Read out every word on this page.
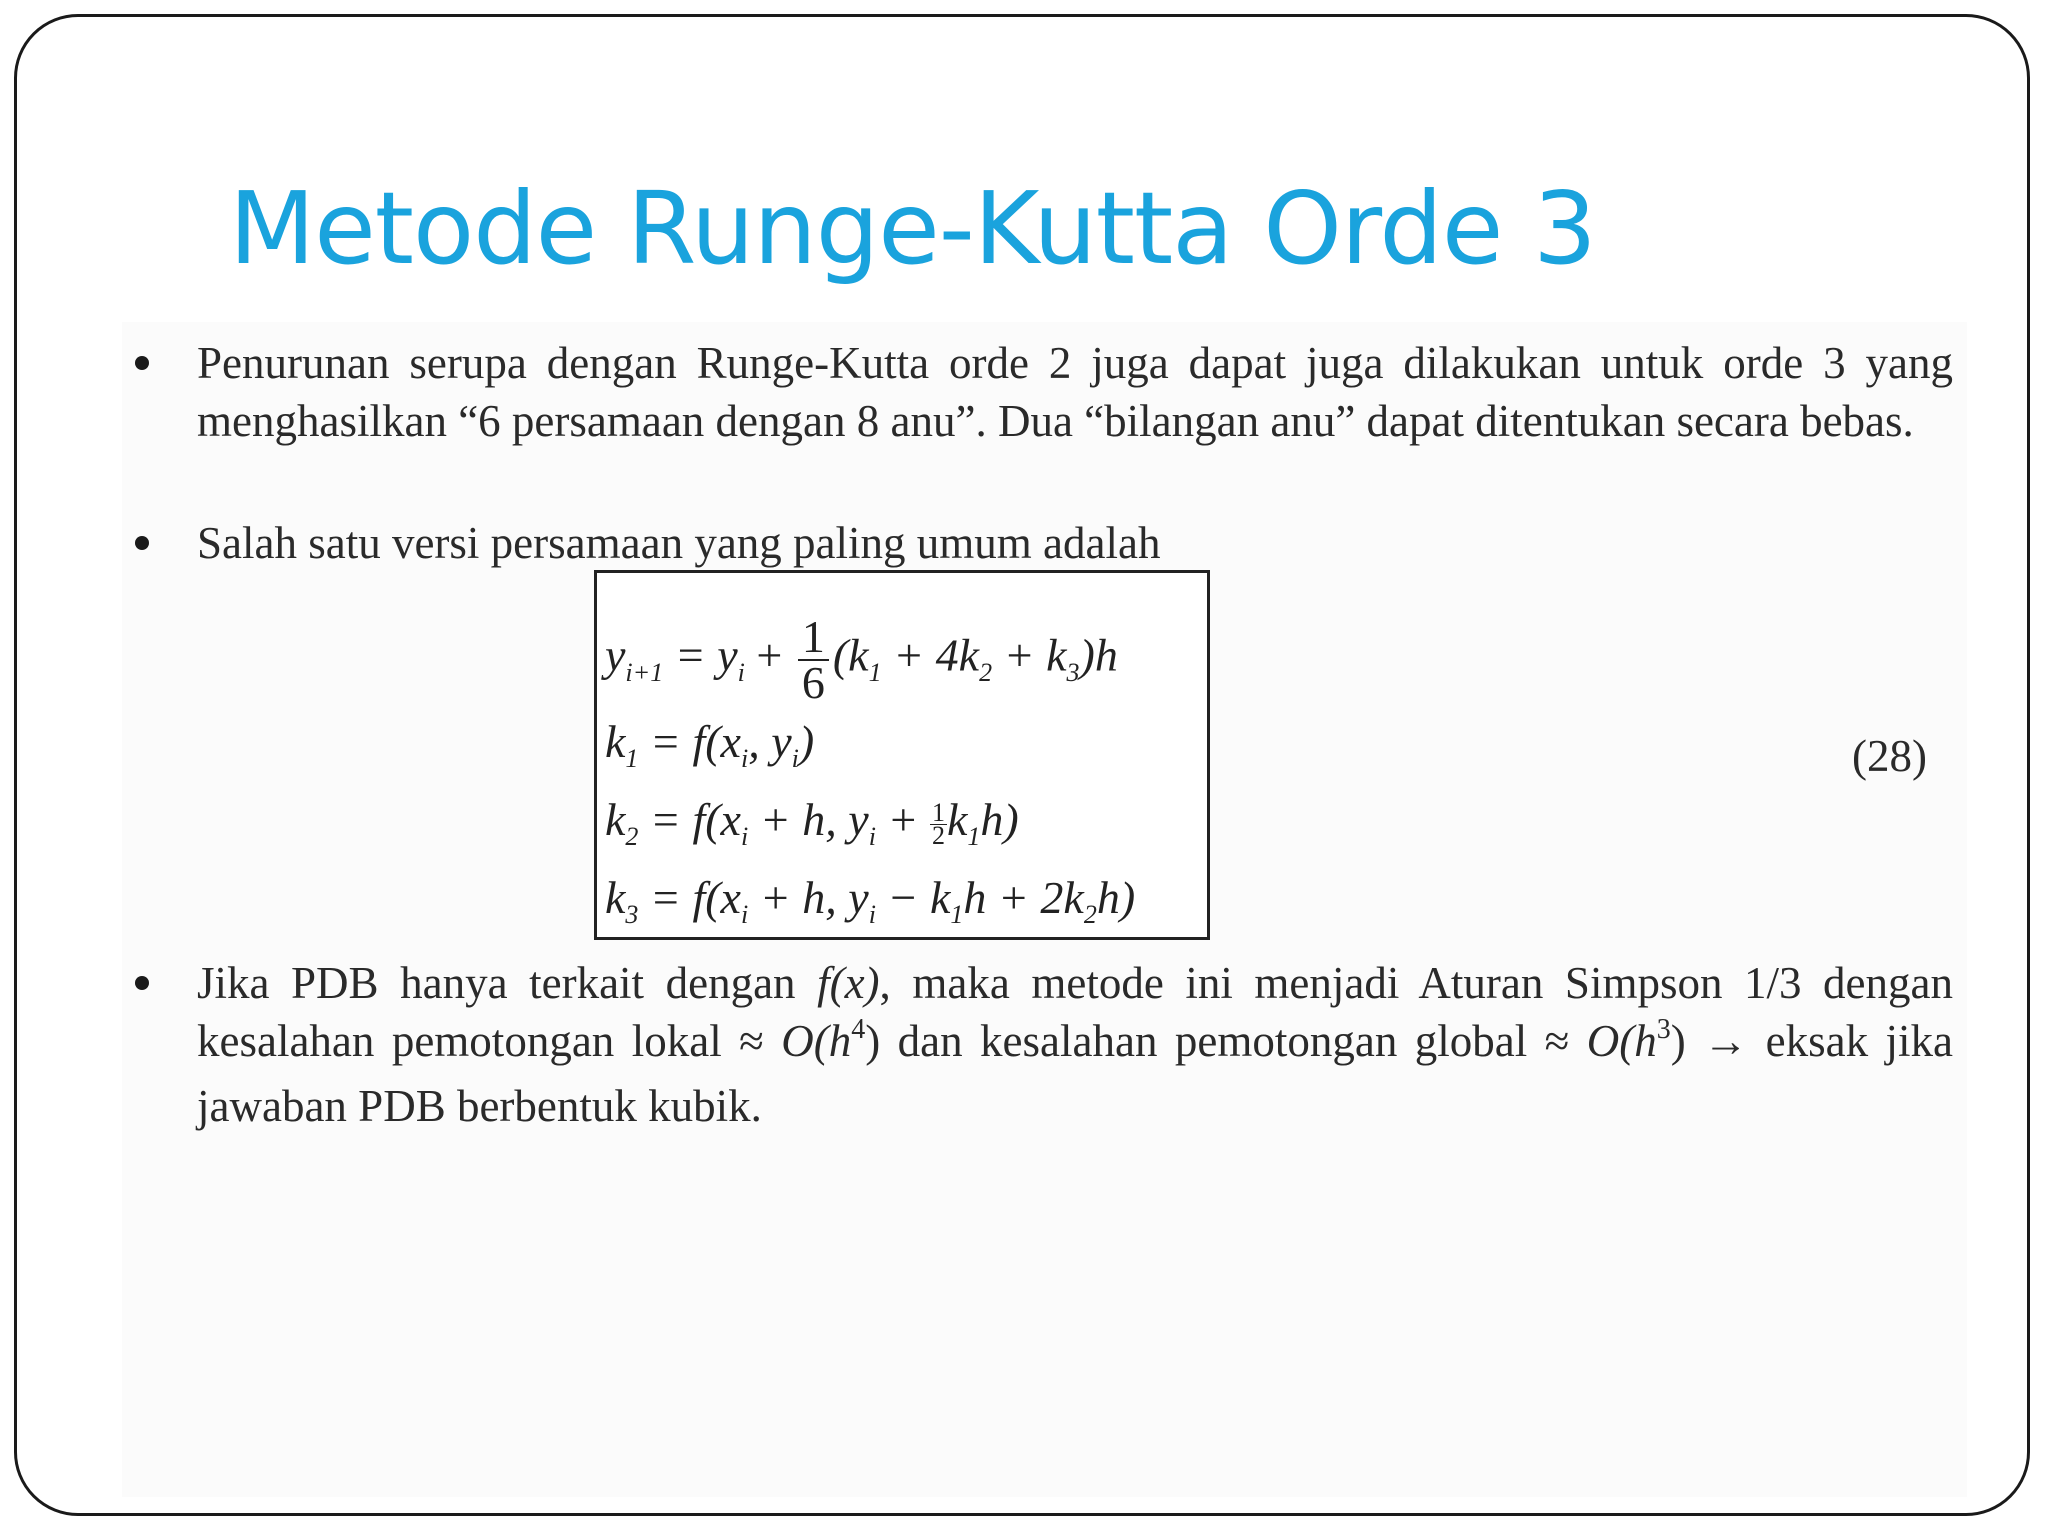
Metode Runge-Kutta Orde 3
Penurunan serupa dengan Runge-Kutta orde 2 juga dapat juga dilakukan untuk orde 3 yang menghasilkan “6 persamaan dengan 8 anu”. Dua “bilangan anu” dapat ditentukan secara bebas.
Salah satu versi persamaan yang paling umum adalah
$y_{i+1} = y_i + \frac{1}{6} (k_1 + 4k_2 + k_3)h$
$k_1 = f(x_i$, $y_i$)
$k_2 = f(x_i + h$, $y_i + \frac{1}{2} k_1h$)
$k_3 = f(x_i + h$, $y_i - k_1h + 2k_2h$)
(28)
Jika PDB hanya terkait dengan f(x), maka metode ini menjadi Aturan Simpson 1/3 dengan kesalahan pemotongan lokal ≈ $O(h^4)$ dan kesalahan pemotongan global ≈ $O(h^3)$ → eksak jika jawaban PDB berbentuk kubik.
